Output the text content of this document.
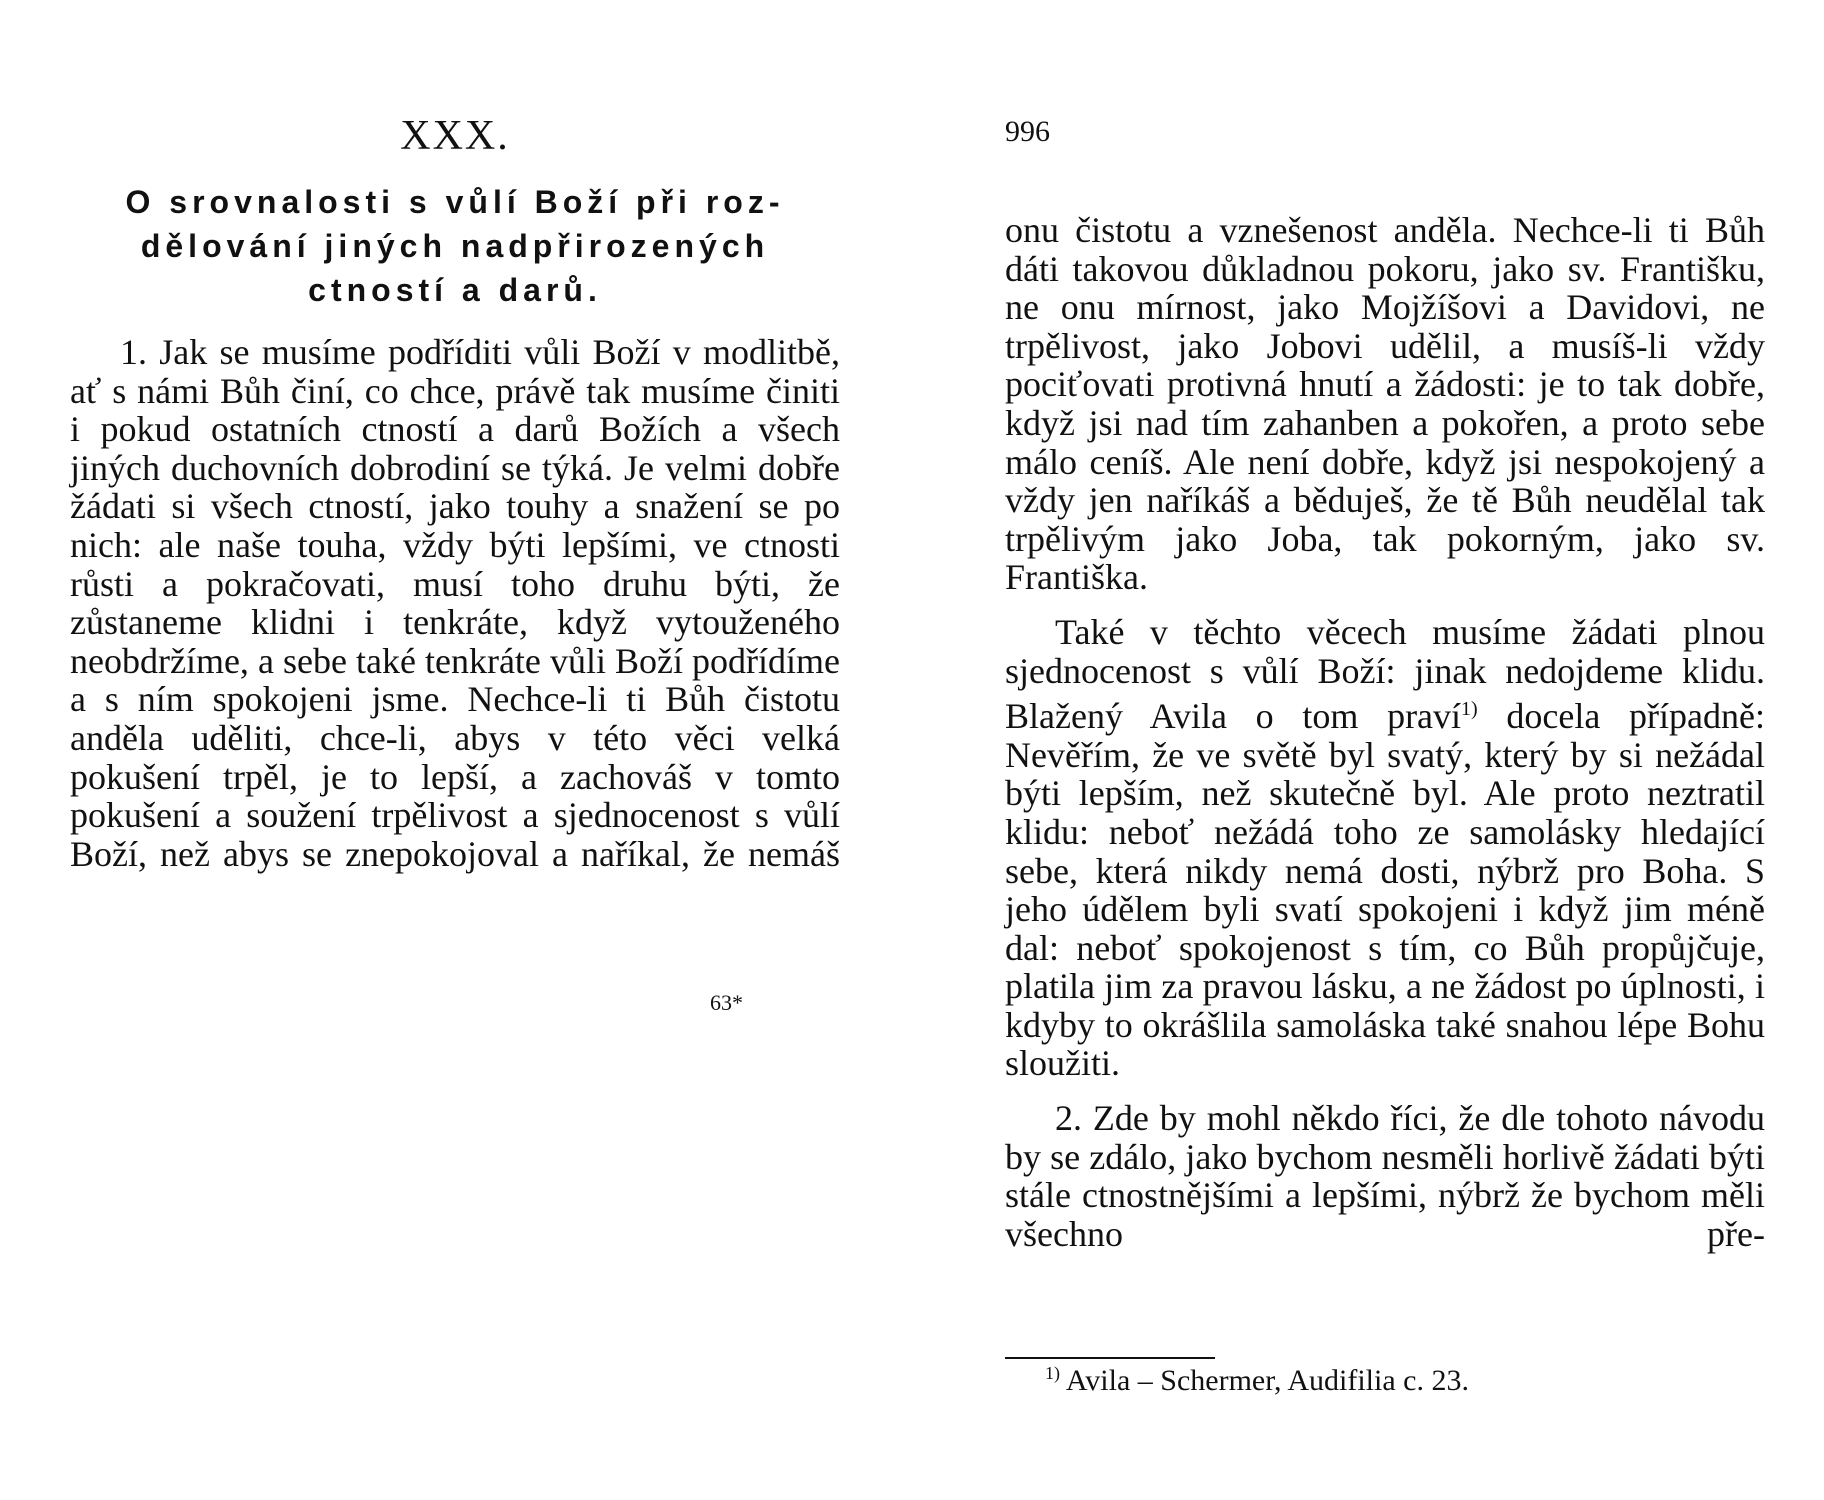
XXX.
O srovnalosti s vůlí Boží při roz-
dělování jiných nadpřirozených
ctností a darů.

1. Jak se musíme podříditi vůli Boží v modlitbě, ať s námi Bůh činí, co chce, právě tak musíme činiti i pokud ostatních ctností a darů Božích a všech jiných duchovních dobrodiní se týká. Je velmi dobře žádati si všech ctností, jako touhy a snažení se po nich: ale naše touha, vždy býti lepšími, ve ctnosti růsti a pokračovati, musí toho druhu býti, že zůstaneme klidni i tenkráte, když vytouženého neobdržíme, a sebe také tenkráte vůli Boží podřídíme a s ním spokojeni jsme. Nechce-li ti Bůh čistotu anděla uděliti, chce-li, abys v této věci velká pokušení trpěl, je to lepší, a zachováš v tomto pokušení a soužení trpělivost a sjednocenost s vůlí Boží, než abys se znepokojoval a naříkal, že nemáš

63*
996

onu čistotu a vznešenost anděla. Nechce-li ti Bůh dáti takovou důkladnou pokoru, jako sv. Františku, ne onu mírnost, jako Mojžíšovi a Davidovi, ne trpělivost, jako Jobovi udělil, a musíš-li vždy pociťovati protivná hnutí a žádosti: je to tak dobře, když jsi nad tím zahanben a pokořen, a proto sebe málo ceníš. Ale není dobře, když jsi nespokojený a vždy jen naříkáš a běduješ, že tě Bůh neudělal tak trpělivým jako Joba, tak pokorným, jako sv. Františka.

Také v těchto věcech musíme žádati plnou sjednocenost s vůlí Boží: jinak nedojdeme klidu. Blažený Avila o tom praví$^{1)}$ docela případně: Nevěřím, že ve světě byl svatý, který by si nežádal býti lepším, než skutečně byl. Ale proto neztratil klidu: neboť nežádá toho ze samolásky hledající sebe, která nikdy nemá dosti, nýbrž pro Boha. S jeho údělem byli svatí spokojeni i když jim méně dal: neboť spokojenost s tím, co Bůh propůjčuje, platila jim za pravou lásku, a ne žádost po úplnosti, i kdyby to okrášlila samoláska také snahou lépe Bohu sloužiti.

2. Zde by mohl někdo říci, že dle tohoto návodu by se zdálo, jako bychom nesměli horlivě žádati býti stále ctnostnějšími a lepšími, nýbrž že bychom měli všechno pře-

$^{1)}$ Avila – Schermer, Audifilia c. 23.
